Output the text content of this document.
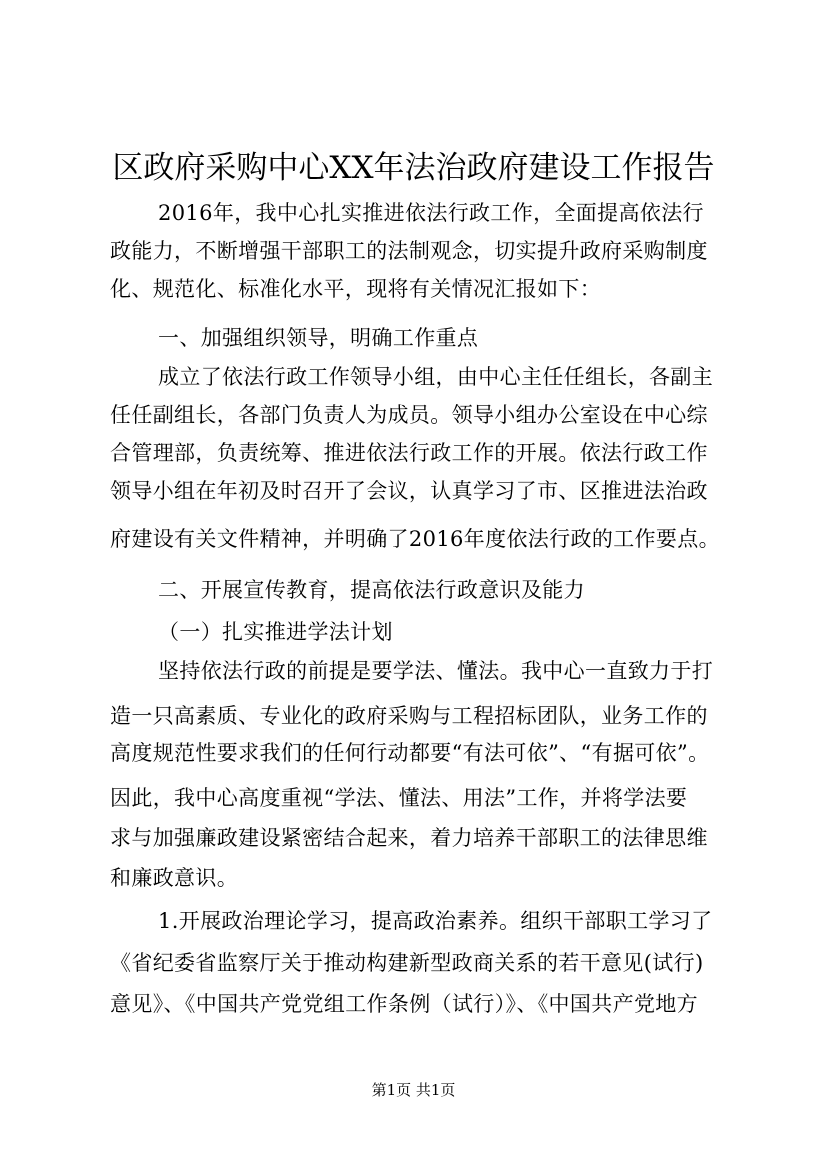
区政府采购中心XX年法治政府建设工作报告
2016年，我中心扎实推进依法行政工作，全面提高依法行
政能力，不断增强干部职工的法制观念，切实提升政府采购制度
化、规范化、标准化水平，现将有关情况汇报如下：
一、加强组织领导，明确工作重点
成立了依法行政工作领导小组，由中心主任任组长，各副主
任任副组长，各部门负责人为成员。领导小组办公室设在中心综
合管理部，负责统筹、推进依法行政工作的开展。依法行政工作
领导小组在年初及时召开了会议，认真学习了市、区推进法治政
府建设有关文件精神，并明确了2016年度依法行政的工作要点。
二、开展宣传教育，提高依法行政意识及能力
（一）扎实推进学法计划
坚持依法行政的前提是要学法、懂法。我中心一直致力于打
造一只高素质、专业化的政府采购与工程招标团队，业务工作的
高度规范性要求我们的任何行动都要“有法可依”、“有据可依”。
因此，我中心高度重视“学法、懂法、用法”工作，并将学法要
求与加强廉政建设紧密结合起来，着力培养干部职工的法律思维
和廉政意识。
1.开展政治理论学习，提高政治素养。组织干部职工学习了
《省纪委省监察厅关于推动构建新型政商关系的若干意见(试行)
意见》、《中国共产党党组工作条例（试行）》、《中国共产党地方
第1页 共1页
